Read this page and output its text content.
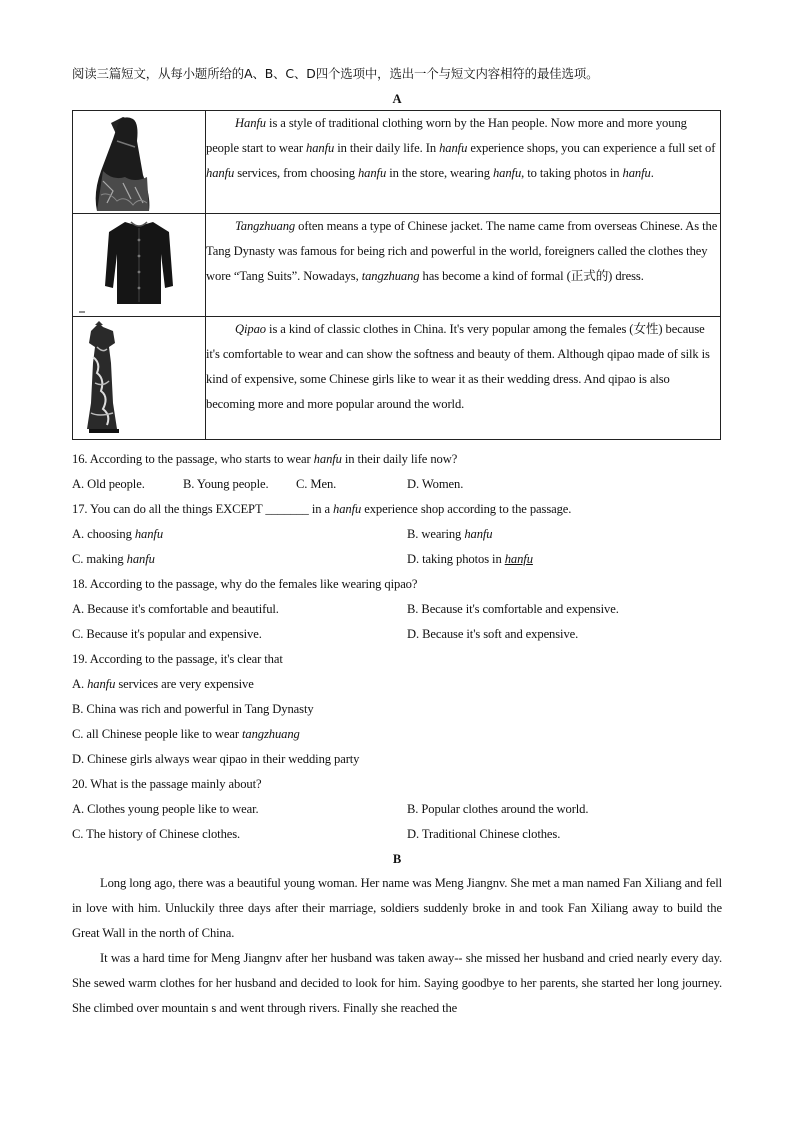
阅读三篇短文，从每小题所给的A、B、C、D四个选项中，选出一个与短文内容相符的最佳选项。
A

Hanfu is a style of traditional clothing worn by the Han people. Now more and more young people start to wear hanfu in their daily life. In hanfu experience shops, you can experience a full set of hanfu services, from choosing hanfu in the store, wearing hanfu, to taking photos in hanfu.

Tangzhuang often means a type of Chinese jacket. The name came from overseas Chinese. As the Tang Dynasty was famous for being rich and powerful in the world, foreigners called the clothes they wore “Tang Suits”. Nowadays, tangzhuang has become a kind of formal (正式的) dress.

Qipao is a kind of classic clothes in China. It's very popular among the females (女性) because it's comfortable to wear and can show the softness and beauty of them. Although qipao made of silk is kind of expensive, some Chinese girls like to wear it as their wedding dress. And qipao is also becoming more and more popular around the world.

16. According to the passage, who starts to wear hanfu in their daily life now?
A. Old people.	B. Young people. C. Men.	D. Women.
17. You can do all the things EXCEPT _______ in a hanfu experience shop according to the passage.
A. choosing hanfu	B. wearing hanfu
C. making hanfu	D. taking photos in hanfu
18. According to the passage, why do the females like wearing qipao?
A. Because it's comfortable and beautiful.	B. Because it's comfortable and expensive.
C. Because it's popular and expensive.	D. Because it's soft and expensive.
19. According to the passage, it's clear that
A. hanfu services are very expensive
B. China was rich and powerful in Tang Dynasty
C. all Chinese people like to wear tangzhuang
D. Chinese girls always wear qipao in their wedding party
20. What is the passage mainly about?
A. Clothes young people like to wear.	B. Popular clothes around the world.
C. The history of Chinese clothes.	D. Traditional Chinese clothes.
B

Long long ago, there was a beautiful young woman. Her name was Meng Jiangnv. She met a man named Fan Xiliang and fell in love with him. Unluckily three days after their marriage, soldiers suddenly broke in and took Fan Xiliang away to build the Great Wall in the north of China.

It was a hard time for Meng Jiangnv after her husband was taken away-- she missed her husband and cried nearly every day. She sewed warm clothes for her husband and decided to look for him. Saying goodbye to her parents, she started her long journey. She climbed over mountain s and went through rivers. Finally she reached the
